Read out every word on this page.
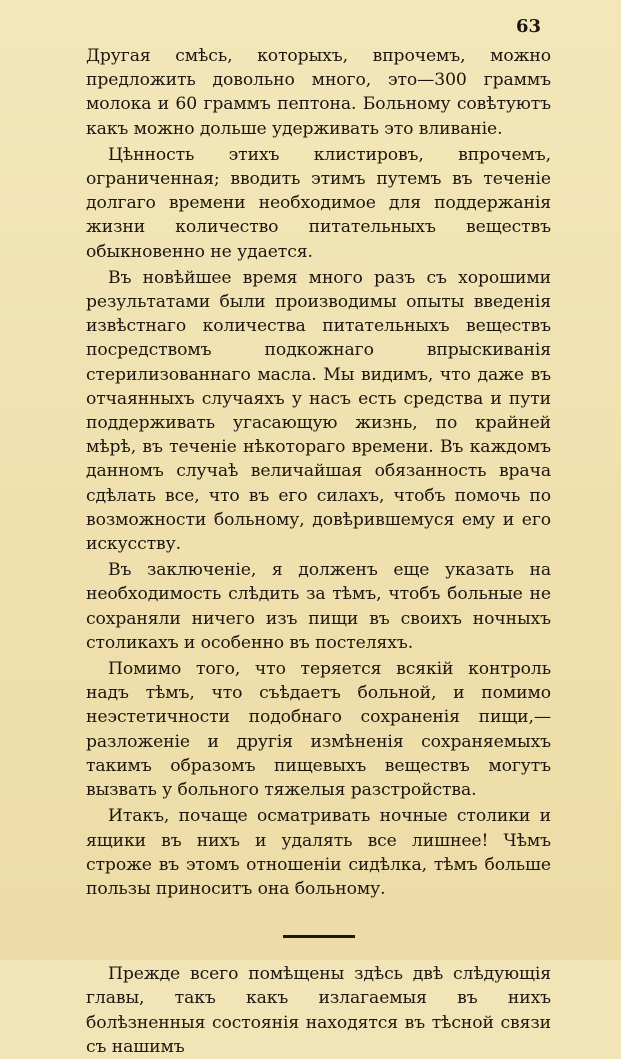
63

Другая смѣсь, которыхъ, впрочемъ, можно предложить довольно много, это—300 граммъ молока и 60 граммъ пептона. Больному совѣтуютъ какъ можно дольше удерживать это вливаніе.

Цѣнность этихъ клистировъ, впрочемъ, ограниченная; вводить этимъ путемъ въ теченіе долгаго времени необходимое для поддержанія жизни количество питательныхъ веществъ обыкновенно не удается.

Въ новѣйшее время много разъ съ хорошими результатами были производимы опыты введенія извѣстнаго количества питательныхъ веществъ посредствомъ подкожнаго впрыскиванія стерилизованнаго масла. Мы видимъ, что даже въ отчаянныхъ случаяхъ у насъ есть средства и пути поддерживать угасающую жизнь, по крайней мѣрѣ, въ теченіе нѣкотораго времени. Въ каждомъ данномъ случаѣ величайшая обязанность врача сдѣлать все, что въ его силахъ, чтобъ помочь по возможности больному, довѣрившемуся ему и его искусству.

Въ заключеніе, я долженъ еще указать на необходимость слѣдить за тѣмъ, чтобъ больные не сохраняли ничего изъ пищи въ своихъ ночныхъ столикахъ и особенно въ постеляхъ.

Помимо того, что теряется всякій контроль надъ тѣмъ, что съѣдаетъ больной, и помимо неэстетичности подобнаго сохраненія пищи,—разложеніе и другія измѣненія сохраняемыхъ такимъ образомъ пищевыхъ веществъ могутъ вызвать у больного тяжелыя разстройства.

Итакъ, почаще осматривать ночные столики и ящики въ нихъ и удалять все лишнее! Чѣмъ строже въ этомъ отношеніи сидѣлка, тѣмъ больше пользы приноситъ она больному.

Прежде всего помѣщены здѣсь двѣ слѣдующія главы, такъ какъ излагаемыя въ нихъ болѣзненныя состоянія находятся въ тѣсной связи съ нашимъ
